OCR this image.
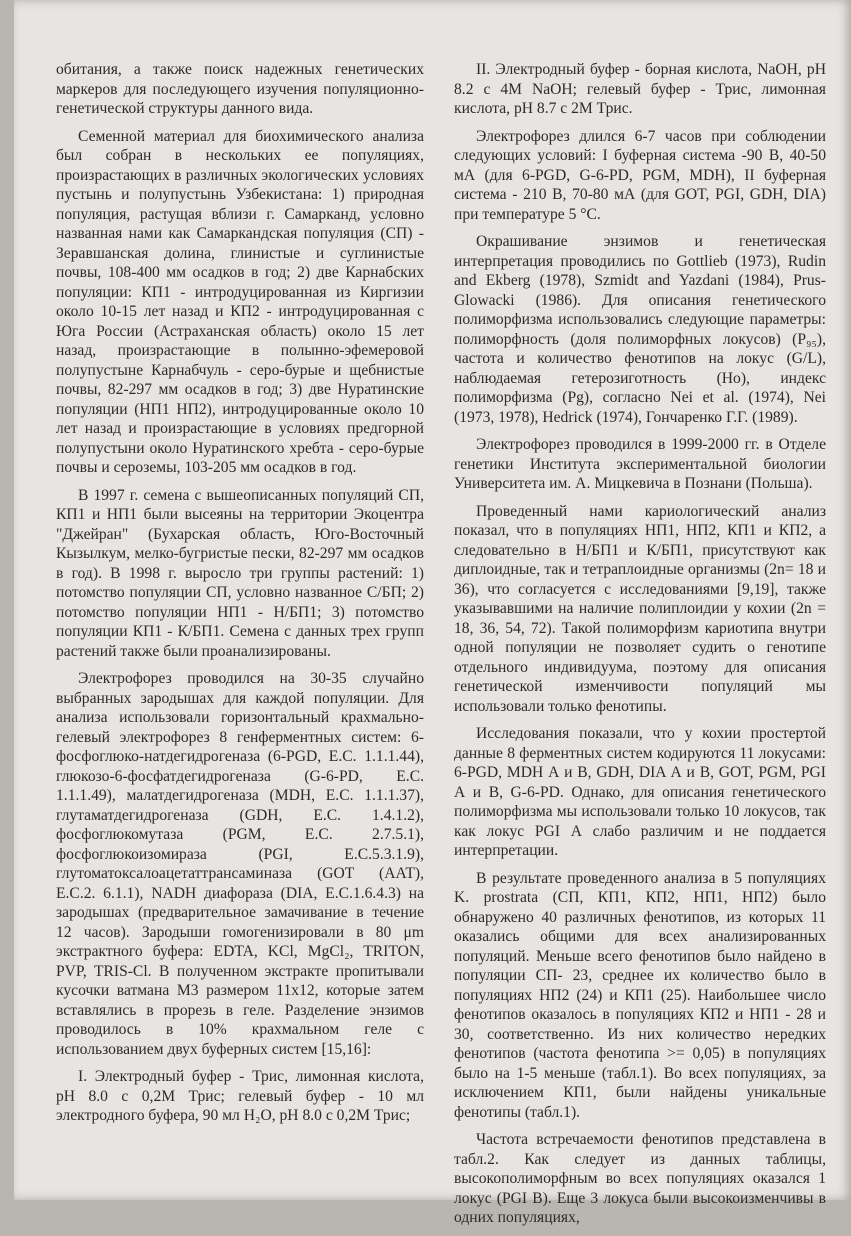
обитания, а также поиск надежных генетических маркеров для последующего изучения популяционно-генетической структуры данного вида.

Семенной материал для биохимического анализа был собран в нескольких ее популяциях, произрастающих в различных экологических условиях пустынь и полупустынь Узбекистана: 1) природная популяция, растущая вблизи г. Самарканд, условно названная нами как Самаркандская популяция (СП) - Зеравшанская долина, глинистые и суглинистые почвы, 108-400 мм осадков в год; 2) две Карнабских популяции: КП1 - интродуцированная из Киргизии около 10-15 лет назад и КП2 - интродуцированная с Юга России (Астраханская область) около 15 лет назад, произрастающие в полынно-эфемеровой полупустыне Карнабчуль - серо-бурые и щебнистые почвы, 82-297 мм осадков в год; 3) две Нуратинские популяции (НП1 НП2), интродуцированные около 10 лет назад и произрастающие в условиях предгорной полупустыни около Нуратинского хребта - серо-бурые почвы и сероземы, 103-205 мм осадков в год.

В 1997 г. семена с вышеописанных популяций СП, КП1 и НП1 были высеяны на территории Экоцентра "Джейран" (Бухарская область, Юго-Восточный Кызылкум, мелко-бугристые пески, 82-297 мм осадков в год). В 1998 г. выросло три группы растений: 1) потомство популяции СП, условно названное С/БП; 2) потомство популяции НП1 - Н/БП1; 3) потомство популяции КП1 - К/БП1. Семена с данных трех групп растений также были проанализированы.

Электрофорез проводился на 30-35 случайно выбранных зародышах для каждой популяции. Для анализа использовали горизонтальный крахмально-гелевый электрофорез 8 генферментных систем: 6-фосфоглюко-натдегидрогеназа (6-PGD, Е.С. 1.1.1.44), глюкозо-6-фосфатдегидрогеназа (G-6-PD, Е.С. 1.1.1.49), малатдегидрогеназа (MDH, Е.С. 1.1.1.37), глутаматдегидрогеназа (GDH, Е.С. 1.4.1.2), фосфоглюкомутаза (PGM, Е.С. 2.7.5.1), фосфоглюкоизомираза (PGI, Е.С.5.3.1.9), глутоматоксалоацетаттрансаминаза (GOT (ААТ), Е.С.2. 6.1.1), NADH диафораза (DIA, Е.С.1.6.4.3) на зародышах (предварительное замачивание в течение 12 часов). Зародыши гомогенизировали в 80 μm экстрактного буфера: EDTA, KCl, MgCl₂, TRITON, PVP, TRIS-Cl. В полученном экстракте пропитывали кусочки ватмана М3 размером 11х12, которые затем вставлялись в прорезь в геле. Разделение энзимов проводилось в 10% крахмальном геле с использованием двух буферных систем [15,16]:

I. Электродный буфер - Трис, лимонная кислота, pH 8.0 с 0,2М Трис; гелевый буфер - 10 мл электродного буфера, 90 мл H₂O, pH 8.0 с 0,2М Трис;

II. Электродный буфер - борная кислота, NaOH, pH 8.2 с 4М NaOH; гелевый буфер - Трис, лимонная кислота, pH 8.7 с 2М Трис.

Электрофорез длился 6-7 часов при соблюдении следующих условий: I буферная система -90 В, 40-50 мА (для 6-PGD, G-6-PD, PGM, MDH), II буферная система - 210 В, 70-80 мА (для GOT, PGI, GDH, DIA) при температуре 5 °С.

Окрашивание энзимов и генетическая интерпретация проводились по Gottlieb (1973), Rudin and Ekberg (1978), Szmidt and Yazdani (1984), Prus-Glowacki (1986). Для описания генетического полиморфизма использовались следующие параметры: полиморфность (доля полиморфных локусов) (P₉₅), частота и количество фенотипов на локус (G/L), наблюдаемая гетерозиготность (Ho), индекс полиморфизма (Pg), согласно Nei et al. (1974), Nei (1973, 1978), Hedrick (1974), Гончаренко Г.Г. (1989).

Электрофорез проводился в 1999-2000 гг. в Отделе генетики Института экспериментальной биологии Университета им. А. Мицкевича в Познани (Польша).

Проведенный нами кариологический анализ показал, что в популяциях НП1, НП2, КП1 и КП2, а следовательно в Н/БП1 и К/БП1, присутствуют как диплоидные, так и тетраплоидные организмы (2n= 18 и 36), что согласуется с исследованиями [9,19], также указывавшими на наличие полиплоидии у кохии (2n = 18, 36, 54, 72). Такой полиморфизм кариотипа внутри одной популяции не позволяет судить о генотипе отдельного индивидуума, поэтому для описания генетической изменчивости популяций мы использовали только фенотипы.

Исследования показали, что у кохии простертой данные 8 ферментных систем кодируются 11 локусами: 6-PGD, MDH А и В, GDH, DIA А и В, GOT, PGM, PGI А и В, G-6-PD. Однако, для описания генетического полиморфизма мы использовали только 10 локусов, так как локус PGI А слабо различим и не поддается интерпретации.

В результате проведенного анализа в 5 популяциях K. prostrata (СП, КП1, КП2, НП1, НП2) было обнаружено 40 различных фенотипов, из которых 11 оказались общими для всех анализированных популяций. Меньше всего фенотипов было найдено в популяции СП- 23, среднее их количество было в популяциях НП2 (24) и КП1 (25). Наибольшее число фенотипов оказалось в популяциях КП2 и НП1 - 28 и 30, соответственно. Из них количество нередких фенотипов (частота фенотипа >= 0,05) в популяциях было на 1-5 меньше (табл.1). Во всех популяциях, за исключением КП1, были найдены уникальные фенотипы (табл.1).

Частота встречаемости фенотипов представлена в табл.2. Как следует из данных таблицы, высокополиморфным во всех популяциях оказался 1 локус (PGI В). Еще 3 локуса были высокоизменчивы в одних популяциях,
